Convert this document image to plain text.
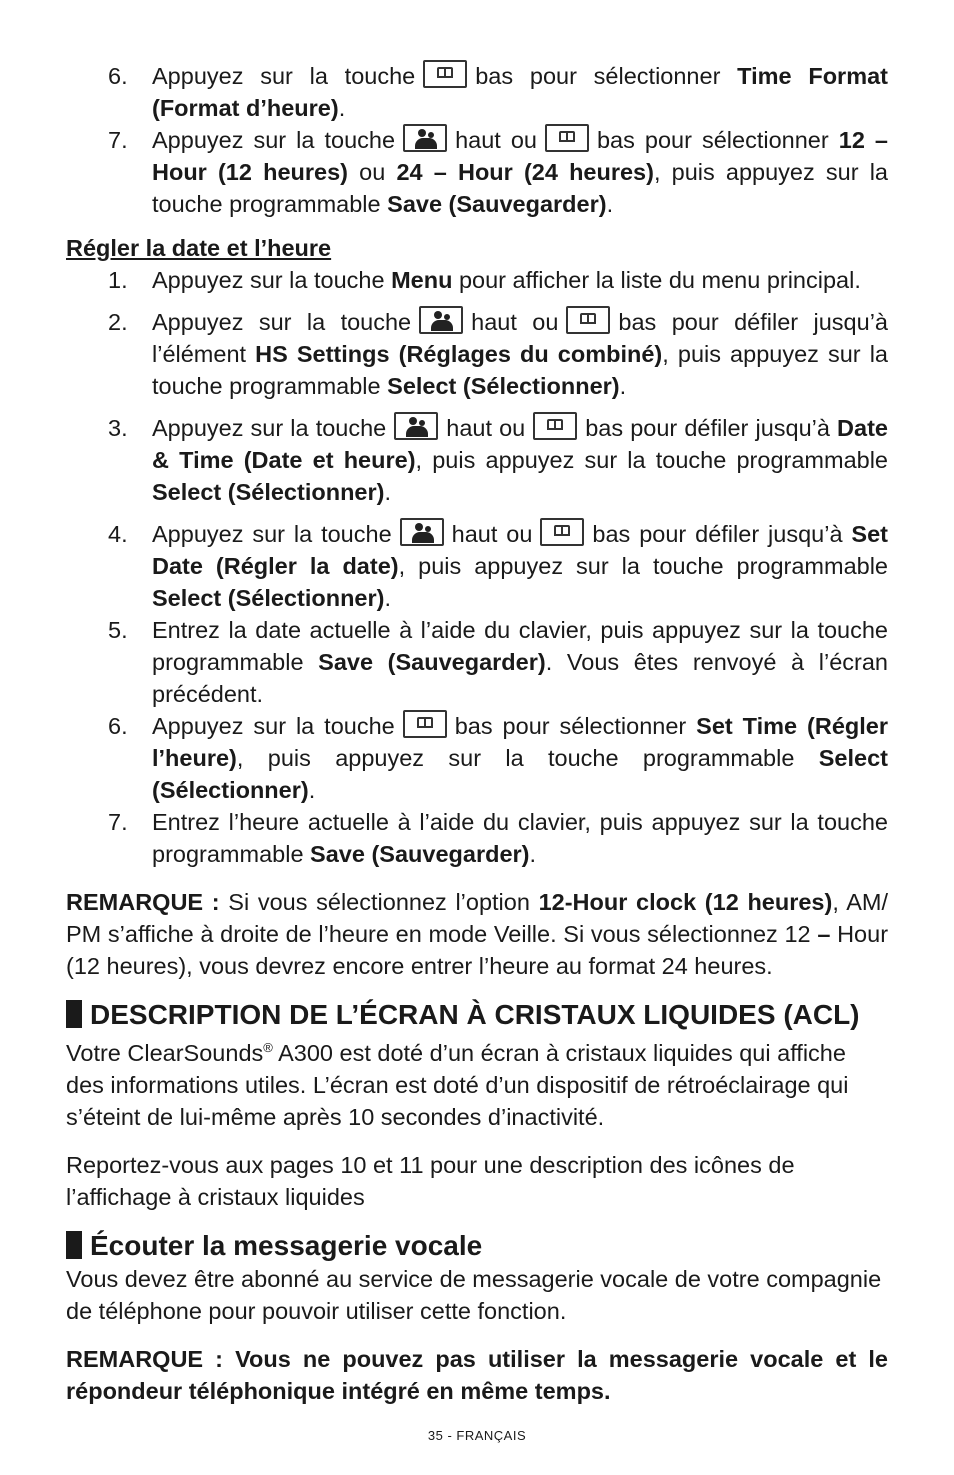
6. Appuyez sur la touche	bas pour sélectionner Time Format (Format d’heure).
7. Appuyez sur la touche	haut ou	bas pour sélectionner 12 – Hour (12 heures) ou 24 – Hour (24 heures), puis appuyez sur la touche programmable Save (Sauvegarder).
Régler la date et l’heure
1. Appuyez sur la touche Menu pour afficher la liste du menu principal.
2. Appuyez sur la touche	haut ou	bas pour défiler jusqu’à l’élément HS Settings (Réglages du combiné), puis appuyez sur la touche programmable Select (Sélectionner).
3. Appuyez sur la touche	haut ou	bas pour défiler jusqu’à Date & Time (Date et heure), puis appuyez sur la touche programmable Select (Sélectionner).
4. Appuyez sur la touche	haut ou	bas pour défiler jusqu’à Set Date (Régler la date), puis appuyez sur la touche programmable Select (Sélectionner).
5. Entrez la date actuelle à l’aide du clavier, puis appuyez sur la touche programmable Save (Sauvegarder). Vous êtes renvoyé à l’écran précédent.
6. Appuyez sur la touche	bas pour sélectionner Set Time (Régler l’heure), puis appuyez sur la touche programmable Select (Sélectionner).
7. Entrez l’heure actuelle à l’aide du clavier, puis appuyez sur la touche programmable Save (Sauvegarder).
REMARQUE : Si vous sélectionnez l’option 12-Hour clock (12 heures), AM/ PM s’affiche à droite de l’heure en mode Veille. Si vous sélectionnez 12 – Hour (12 heures), vous devrez encore entrer l’heure au format 24 heures.
DESCRIPTION DE L’ÉCRAN À CRISTAUX LIQUIDES (ACL)
Votre ClearSounds® A300 est doté d’un écran à cristaux liquides qui affiche des informations utiles. L’écran est doté d’un dispositif de rétroéclairage qui s’éteint de lui-même après 10 secondes d’inactivité.
Reportez-vous aux pages 10 et 11 pour une description des icônes de l’affichage à cristaux liquides
Écouter la messagerie vocale
Vous devez être abonné au service de messagerie vocale de votre compagnie de téléphone pour pouvoir utiliser cette fonction.
REMARQUE : Vous ne pouvez pas utiliser la messagerie vocale et le répondeur téléphonique intégré en même temps.
35 - FRANÇAIS
